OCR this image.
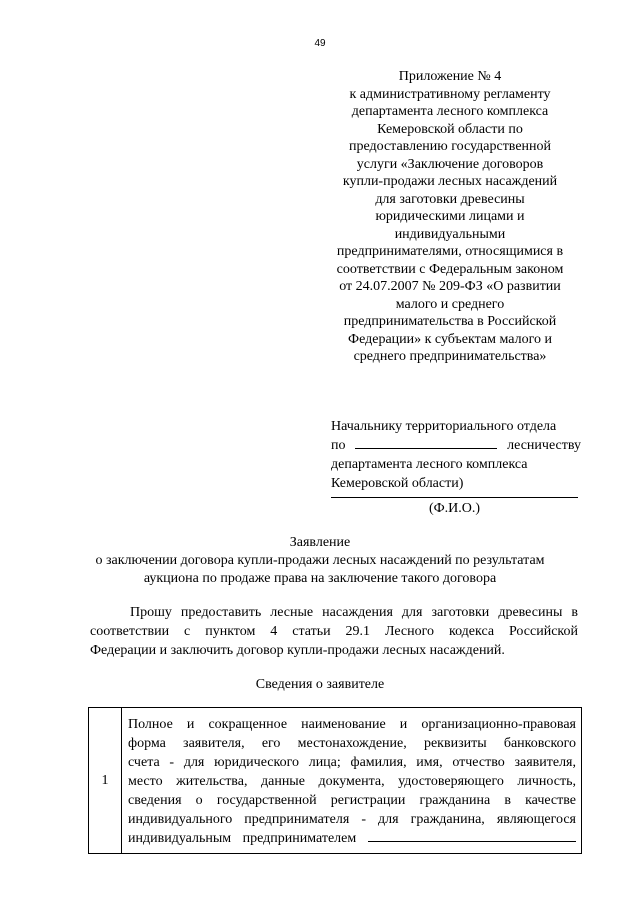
49
Приложение № 4
к административному регламенту
департамента лесного комплекса
Кемеровской области по
предоставлению государственной
услуги «Заключение договоров
купли-продажи лесных насаждений
для заготовки древесины
юридическими лицами и
индивидуальными
предпринимателями, относящимися в
соответствии с Федеральным законом
от 24.07.2007 № 209-ФЗ «О развитии
малого и среднего
предпринимательства в Российской
Федерации» к субъектам малого и
среднего предпринимательства»
Начальнику территориального отдела
по	лесничеству
департамента лесного комплекса
Кемеровской области)
(Ф.И.О.)
Заявление
о заключении договора купли-продажи лесных насаждений по результатам
аукциона по продаже права на заключение такого договора
Прошу предоставить лесные насаждения для заготовки древесины в
соответствии с пунктом 4 статьи 29.1 Лесного кодекса Российской
Федерации и заключить договор купли-продажи лесных насаждений.
Сведения о заявителе
1	
Полное и сокращенное наименование и организационно-правовая
форма заявителя, его местонахождение, реквизиты банковского
счета - для юридического лица; фамилия, имя, отчество заявителя,
место жительства, данные документа, удостоверяющего личность,
сведения о государственной регистрации гражданина в качестве
индивидуального предпринимателя - для гражданина, являющегося
индивидуальным предпринимателем
